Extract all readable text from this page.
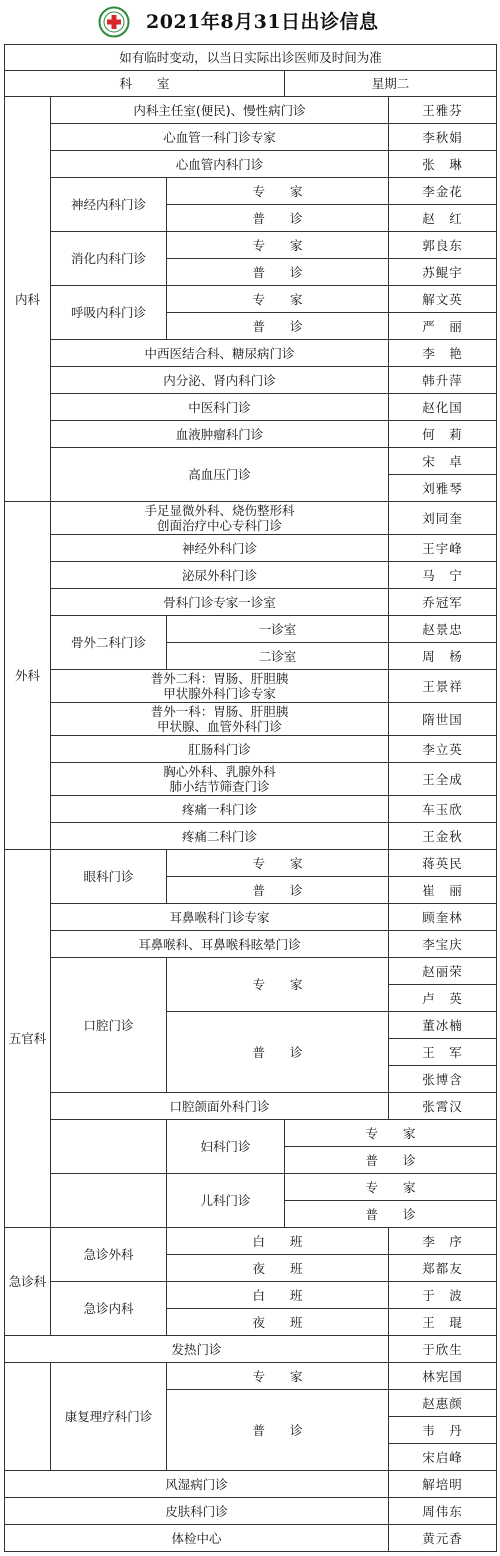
2021年8月31日出诊信息
如有临时变动，以当日实际出诊医师及时间为准					
科　　室			星期二		
内科	内科主任室(便民)、慢性病门诊			王雅芬	
	心血管一科门诊专家			李秋娟	
	心血管内科门诊			张　琳	
	神经内科门诊	专　　家		李金花	
		普　　诊		赵　红	
	消化内科门诊	专　　家		郭良东	
		普　　诊		苏鲲宇	
	呼吸内科门诊	专　　家		解文英	
		普　　诊		严　丽	
	中西医结合科、糖尿病门诊			李　艳	
	内分泌、肾内科门诊			韩升萍	
	中医科门诊			赵化国	
	血液肿瘤科门诊			何　莉	
	高血压门诊			宋　卓	
				刘雅琴	
外科	手足显微外科、烧伤整形科
创面治疗中心专科门诊			刘同奎	
	神经外科门诊			王宇峰	
	泌尿外科门诊			马　宁	
	骨科门诊专家一诊室			乔冠军	
	骨外二科门诊	一诊室		赵景忠	
		二诊室		周　杨	
	普外二科：胃肠、肝胆胰
甲状腺外科门诊专家			王景祥	
	普外一科：胃肠、肝胆胰
甲状腺、血管外科门诊			隋世国	
	肛肠科门诊			李立英	
	胸心外科、乳腺外科
肺小结节筛查门诊			王全成	
	疼痛一科门诊			车玉欣	
	疼痛二科门诊			王金秋	
五官科	眼科门诊	专　　家		蒋英民	
		普　　诊		崔　丽	
	耳鼻喉科门诊专家			顾奎林	
	耳鼻喉科、耳鼻喉科眩晕门诊			李宝庆	
	口腔门诊	专　　家		赵丽荣	
				卢　英	
		普　　诊		董冰楠	
				王　军	
				张博含	
	口腔颌面外科门诊			张霄汉	
		妇科门诊	专　　家		
			普　　诊		
		儿科门诊	专　　家		
			普　　诊		
急诊科	急诊外科	白　　班		李　序	
		夜　　班		郑都友	
	急诊内科	白　　班		于　波	
		夜　　班		王　琨	
发热门诊				于欣生	
	康复理疗科门诊	专　　家		林宪国	
		普　　诊		赵惠颜	
				韦　丹	
				宋启峰	
风湿病门诊				解培明	
皮肤科门诊				周伟东	
体检中心				黄元香	
